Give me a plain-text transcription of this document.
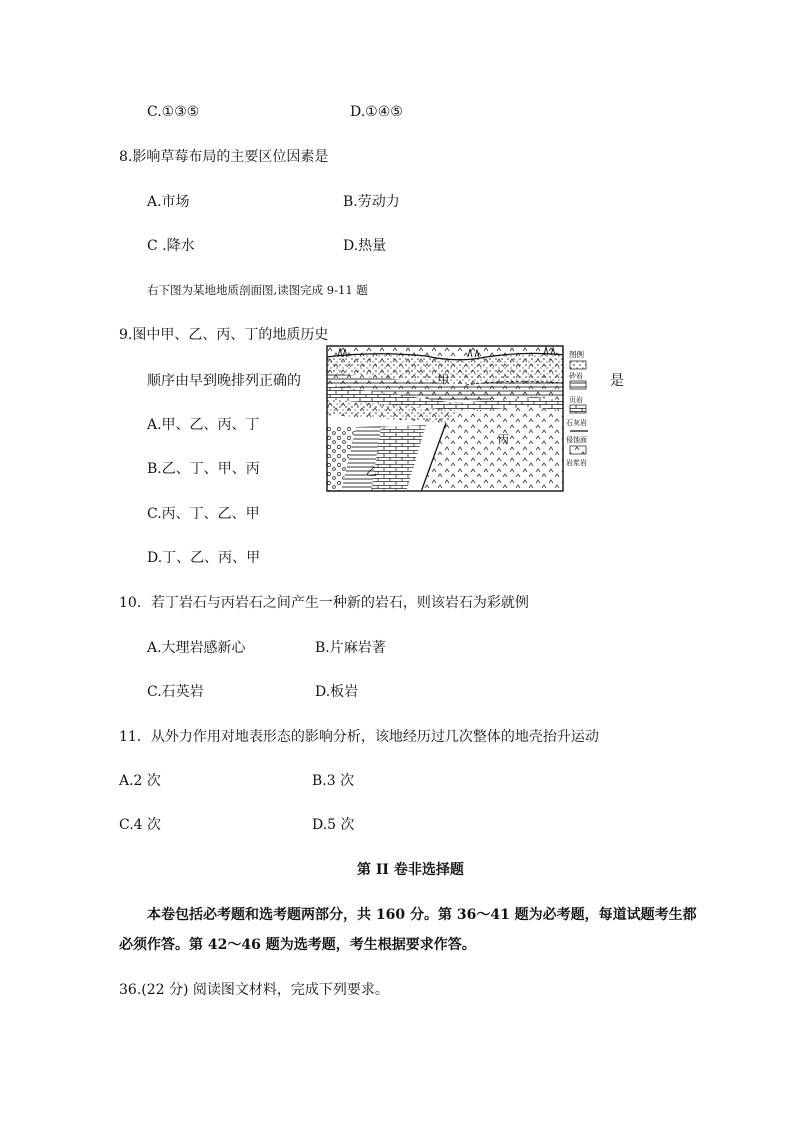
C.①③⑤	D.①④⑤
8.影响草莓布局的主要区位因素是
A.市场	B.劳动力
C .降水	D.热量
右下图为某地地质剖面图,读图完成 9-11 题
9.图中甲、乙、丙、丁的地质历史
顺序由早到晚排列正确的	是
A.甲、乙、丙、丁
B.乙、丁、甲、丙
C.丙、丁、乙、甲
D.丁、乙、丙、甲
甲
乙
丙
图例
砂岩
页岩
石灰岩
侵蚀面
岩浆岩
10．若丁岩石与丙岩石之间产生一种新的岩石，则该岩石为彩就例
A.大理岩感新心	B.片麻岩著
C.石英岩	D.板岩
11．从外力作用对地表形态的影响分析，该地经历过几次整体的地壳抬升运动
A.2 次	B.3 次
C.4 次	D.5 次
第 II 卷非选择题
本卷包括必考题和选考题两部分，共 160 分。第 36～41 题为必考题，每道试题考生都
必须作答。第 42～46 题为选考题，考生根据要求作答。
36.(22 分) 阅读图文材料，完成下列要求。
